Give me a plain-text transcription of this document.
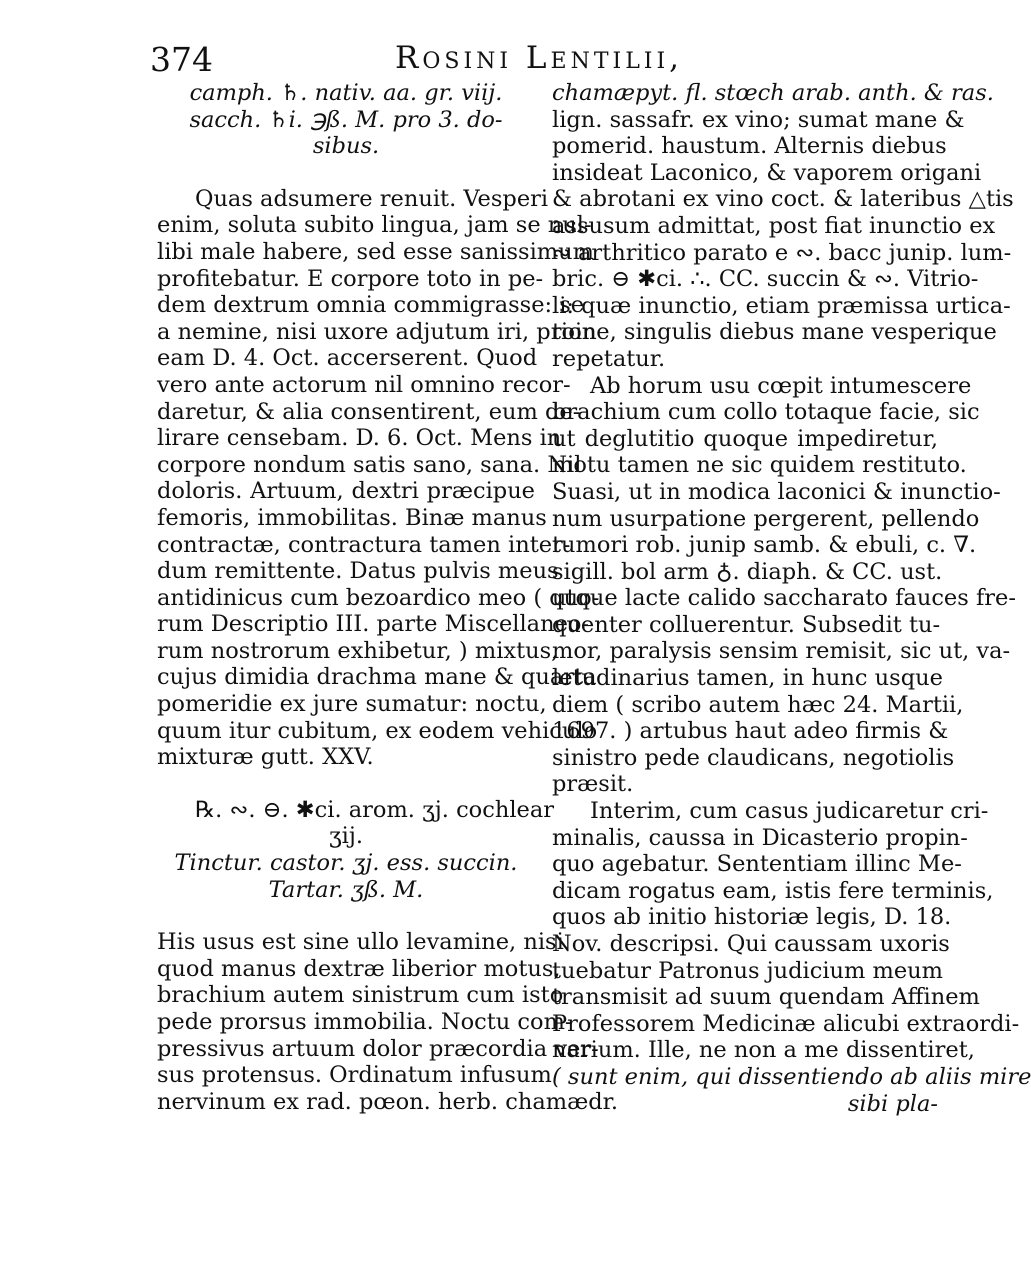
374	Rosini Lentilii,
camph. ♄. nativ. aa. gr. viij.
sacch. ♄i. ℈ß. M. pro 3. do-
sibus.
Quas adsumere renuit. Vesperi
enim, soluta subito lingua, jam se nul-
libi male habere, sed esse sanissimum
profitebatur. E corpore toto in pe-
dem dextrum omnia commigrasse: se
a nemine, nisi uxore adjutum iri, proin
eam D. 4. Oct. accerserent. Quod
vero ante actorum nil omnino recor-
daretur, & alia consentirent, eum de-
lirare censebam. D. 6. Oct. Mens in
corpore nondum satis sano, sana. Nil
doloris. Artuum, dextri præcipue
femoris, immobilitas. Binæ manus
contractæ, contractura tamen inter-
dum remittente. Datus pulvis meus
antidinicus cum bezoardico meo ( quo-
rum Descriptio III. parte Miscellaneo-
rum nostrorum exhibetur, ) mixtus,
cujus dimidia drachma mane & quarta
pomeridie ex jure sumatur: noctu,
quum itur cubitum, ex eodem vehiculo
mixturæ gutt. XXV.
℞. ∾. ⊖. ✱ci. arom. ʒj. cochlear
ʒij.
Tinctur. castor. ʒj. ess. succin.
Tartar. ʒß. M.
His usus est sine ullo levamine, nisi
quod manus dextræ liberior motus,
brachium autem sinistrum cum isto
pede prorsus immobilia. Noctu com-
pressivus artuum dolor præcordia ver-
sus protensus. Ordinatum infusum
nervinum ex rad. pœon. herb. chamædr.
chamæpyt. fl. stœch arab. anth. & ras.
lign. sassafr. ex vino; sumat mane &
pomerid. haustum. Alternis diebus
insideat Laconico, & vaporem origani
& abrotani ex vino coct. & lateribus △tis
assusum admittat, post fiat inunctio ex
∾ arthritico parato e ∾. bacc junip. lum-
bric. ⊖ ✱ci. ∴. CC. succin & ∾. Vitrio-
li: quæ inunctio, etiam præmissa urtica-
tione, singulis diebus mane vesperique
repetatur.
Ab horum usu cœpit intumescere
brachium cum collo totaque facie, sic
ut deglutitio quoque impediretur,
motu tamen ne sic quidem restituto.
Suasi, ut in modica laconici & inunctio-
num usurpatione pergerent, pellendo
tumori rob. junip samb. & ebuli, c. ∇.
sigill. bol arm ♁. diaph. & CC. ust.
utque lacte calido saccharato fauces fre-
quenter colluerentur. Subsedit tu-
mor, paralysis sensim remisit, sic ut, va-
letudinarius tamen, in hunc usque
diem ( scribo autem hæc 24. Martii,
1697. ) artubus haut adeo firmis &
sinistro pede claudicans, negotiolis
præsit.
Interim, cum casus judicaretur cri-
minalis, caussa in Dicasterio propin-
quo agebatur. Sententiam illinc Me-
dicam rogatus eam, istis fere terminis,
quos ab initio historiæ legis, D. 18.
Nov. descripsi. Qui caussam uxoris
tuebatur Patronus judicium meum
transmisit ad suum quendam Affinem
Professorem Medicinæ alicubi extraordi-
narium. Ille, ne non a me dissentiret,
( sunt enim, qui dissentiendo ab aliis mire
sibi pla-
